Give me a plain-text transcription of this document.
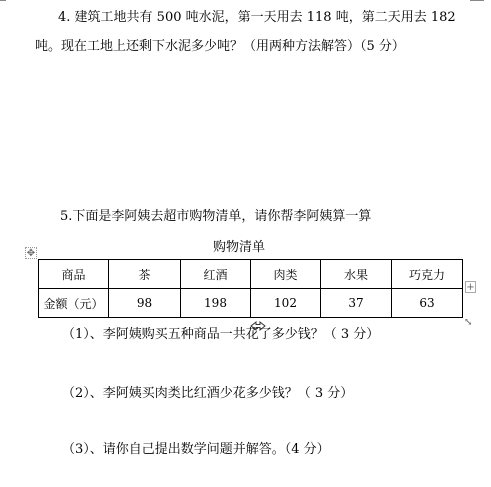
4. 建筑工地共有 500 吨水泥，第一天用去 118 吨，第二天用去 182
吨。现在工地上还剩下水泥多少吨？（用两种方法解答）（5 分）
5.下面是李阿姨去超市购物清单，请你帮李阿姨算一算
购物清单
✥
商品	茶	红酒	肉类	水果	巧克力
金额（元）	98	198	102	37	63
+
⤡
（1）、李阿姨购买五种商品一共花了多少钱？（ 3 分）
（2）、李阿姨买肉类比红酒少花多少钱？（ 3 分）
（3）、请你自己提出数学问题并解答。（4 分）
